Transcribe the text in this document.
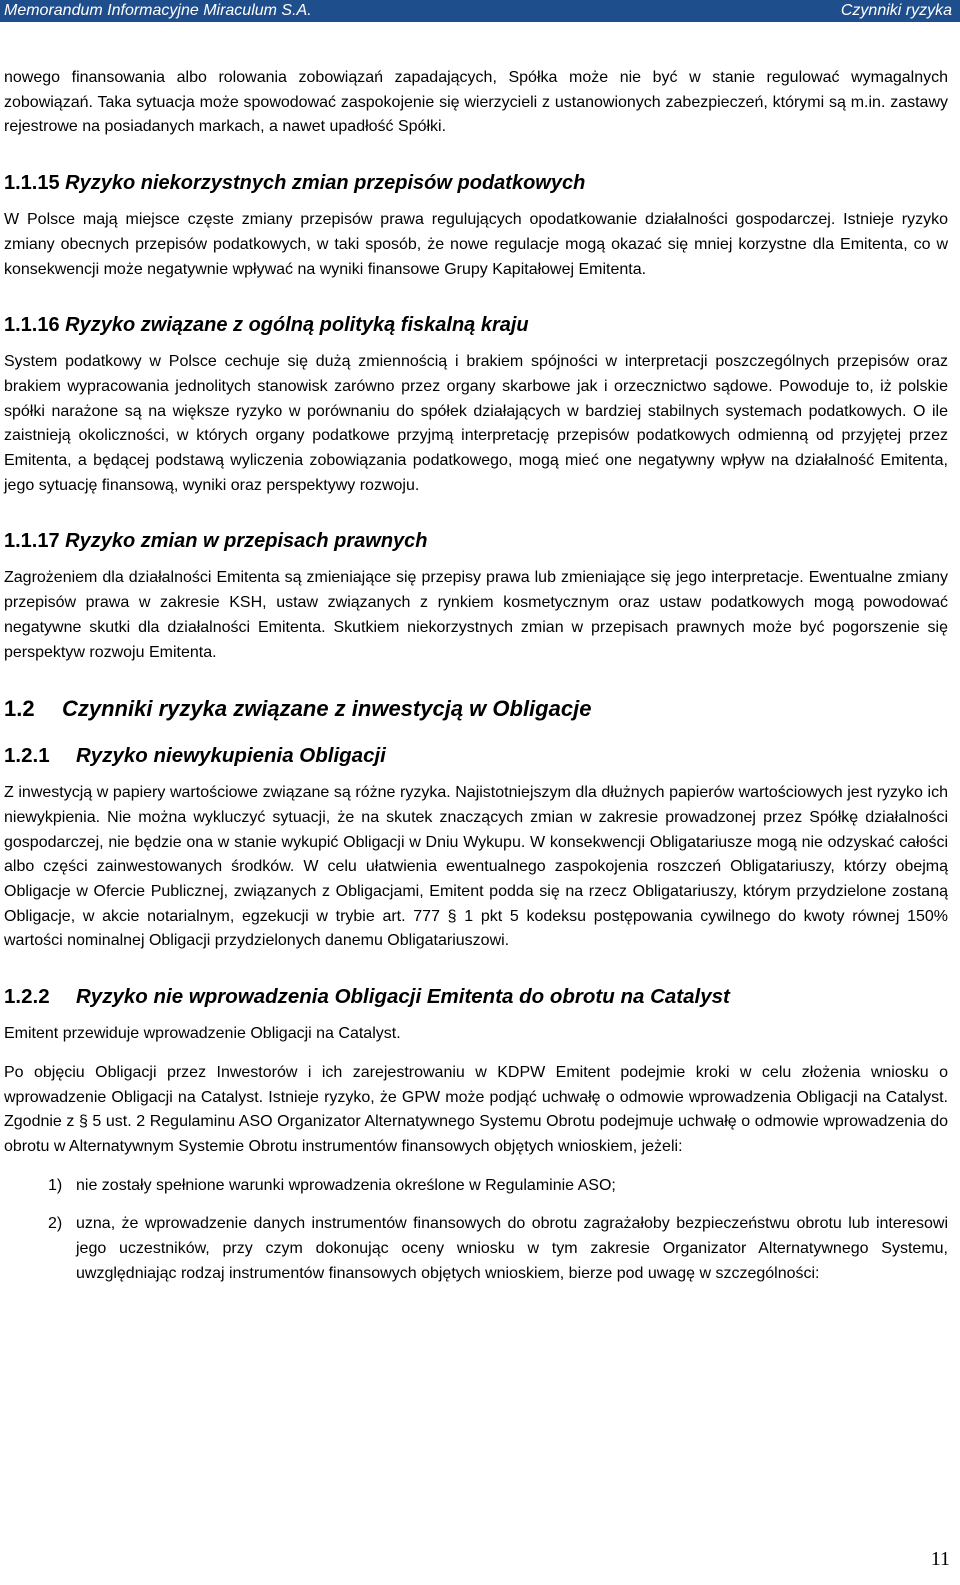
Memorandum Informacyjne Miraculum S.A.	Czynniki ryzyka

nowego finansowania albo rolowania zobowiązań zapadających, Spółka może nie być w stanie regulować wymagalnych zobowiązań. Taka sytuacja może spowodować zaspokojenie się wierzycieli z ustanowionych zabezpieczeń, którymi są m.in. zastawy rejestrowe na posiadanych markach, a nawet upadłość Spółki.

1.1.15 Ryzyko niekorzystnych zmian przepisów podatkowych

W Polsce mają miejsce częste zmiany przepisów prawa regulujących opodatkowanie działalności gospodarczej. Istnieje ryzyko zmiany obecnych przepisów podatkowych, w taki sposób, że nowe regulacje mogą okazać się mniej korzystne dla Emitenta, co w konsekwencji może negatywnie wpływać na wyniki finansowe Grupy Kapitałowej Emitenta.

1.1.16 Ryzyko związane z ogólną polityką fiskalną kraju

System podatkowy w Polsce cechuje się dużą zmiennością i brakiem spójności w interpretacji poszczególnych przepisów oraz brakiem wypracowania jednolitych stanowisk zarówno przez organy skarbowe jak i orzecznictwo sądowe. Powoduje to, iż polskie spółki narażone są na większe ryzyko w porównaniu do spółek działających w bardziej stabilnych systemach podatkowych. O ile zaistnieją okoliczności, w których organy podatkowe przyjmą interpretację przepisów podatkowych odmienną od przyjętej przez Emitenta, a będącej podstawą wyliczenia zobowiązania podatkowego, mogą mieć one negatywny wpływ na działalność Emitenta, jego sytuację finansową, wyniki oraz perspektywy rozwoju.

1.1.17 Ryzyko zmian w przepisach prawnych

Zagrożeniem dla działalności Emitenta są zmieniające się przepisy prawa lub zmieniające się jego interpretacje. Ewentualne zmiany przepisów prawa w zakresie KSH, ustaw związanych z rynkiem kosmetycznym oraz ustaw podatkowych mogą powodować negatywne skutki dla działalności Emitenta. Skutkiem niekorzystnych zmian w przepisach prawnych może być pogorszenie się perspektyw rozwoju Emitenta.

1.2 Czynniki ryzyka związane z inwestycją w Obligacje
1.2.1 Ryzyko niewykupienia Obligacji

Z inwestycją w papiery wartościowe związane są różne ryzyka. Najistotniejszym dla dłużnych papierów wartościowych jest ryzyko ich niewykpienia. Nie można wykluczyć sytuacji, że na skutek znaczących zmian w zakresie prowadzonej przez Spółkę działalności gospodarczej, nie będzie ona w stanie wykupić Obligacji w Dniu Wykupu. W konsekwencji Obligatariusze mogą nie odzyskać całości albo części zainwestowanych środków. W celu ułatwienia ewentualnego zaspokojenia roszczeń Obligatariuszy, którzy obejmą Obligacje w Ofercie Publicznej, związanych z Obligacjami, Emitent podda się na rzecz Obligatariuszy, którym przydzielone zostaną Obligacje, w akcie notarialnym, egzekucji w trybie art. 777 § 1 pkt 5 kodeksu postępowania cywilnego do kwoty równej 150% wartości nominalnej Obligacji przydzielonych danemu Obligatariuszowi.

1.2.2 Ryzyko nie wprowadzenia Obligacji Emitenta do obrotu na Catalyst

Emitent przewiduje wprowadzenie Obligacji na Catalyst.

Po objęciu Obligacji przez Inwestorów i ich zarejestrowaniu w KDPW Emitent podejmie kroki w celu złożenia wniosku o wprowadzenie Obligacji na Catalyst. Istnieje ryzyko, że GPW może podjąć uchwałę o odmowie wprowadzenia Obligacji na Catalyst. Zgodnie z § 5 ust. 2 Regulaminu ASO Organizator Alternatywnego Systemu Obrotu podejmuje uchwałę o odmowie wprowadzenia do obrotu w Alternatywnym Systemie Obrotu instrumentów finansowych objętych wnioskiem, jeżeli:

1) nie zostały spełnione warunki wprowadzenia określone w Regulaminie ASO;
2) uzna, że wprowadzenie danych instrumentów finansowych do obrotu zagrażałoby bezpieczeństwu obrotu lub interesowi jego uczestników, przy czym dokonując oceny wniosku w tym zakresie Organizator Alternatywnego Systemu, uwzględniając rodzaj instrumentów finansowych objętych wnioskiem, bierze pod uwagę w szczególności:
11
